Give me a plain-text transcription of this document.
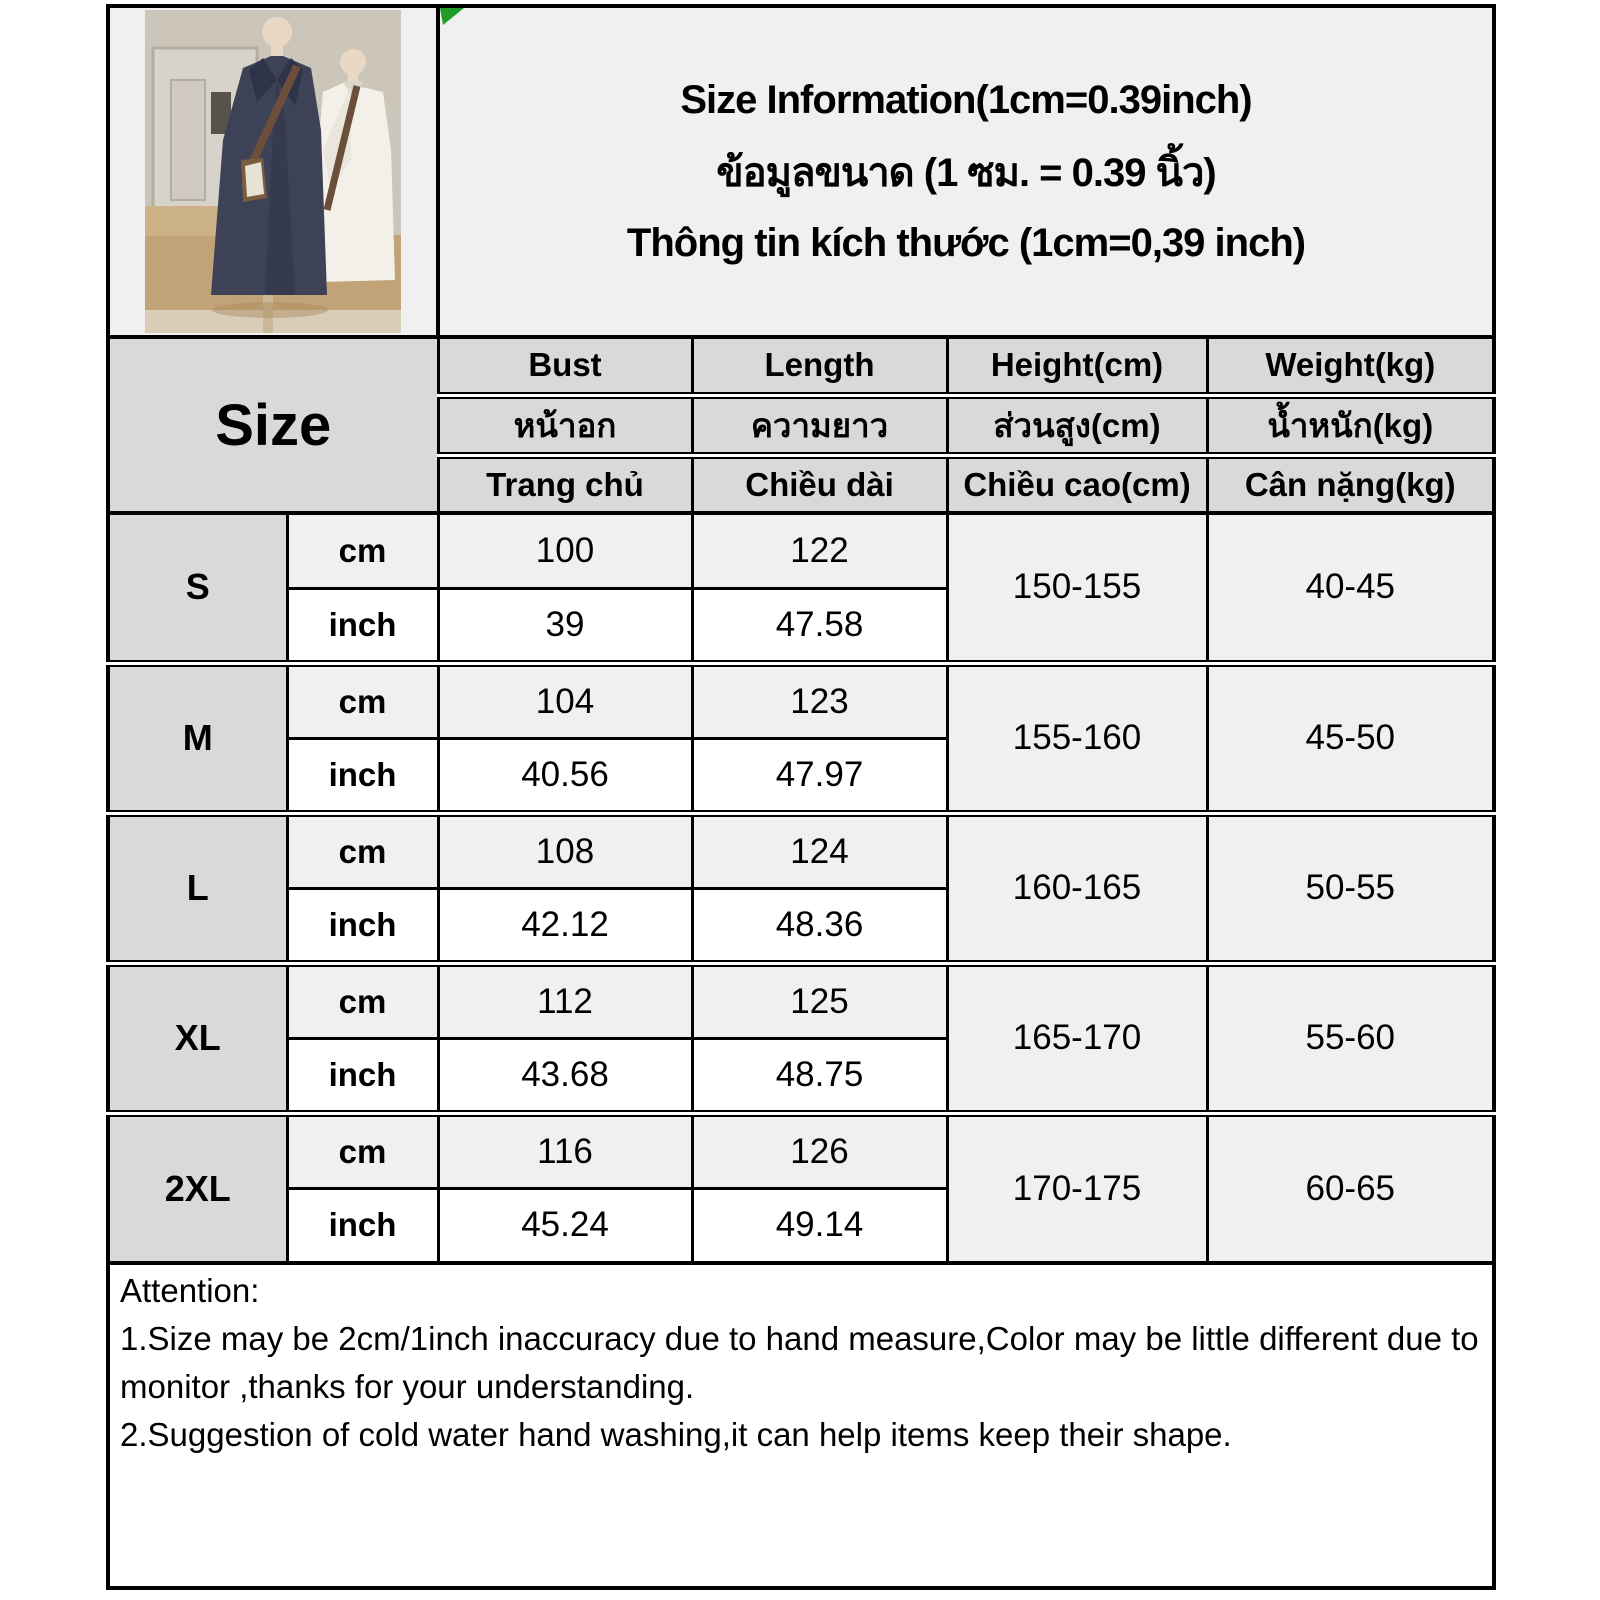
Size Information(1cm=0.39inch)
ข้อมูลขนาด (1 ซม. = 0.39 นิ้ว)
Thông tin kích thước (1cm=0,39 inch)
Size		Bust	Length	Height(cm)	Weight(kg)
		หน้าอก	ความยาว	ส่วนสูง(cm)	น้ำหนัก(kg)
		Trang chủ	Chiều dài	Chiều cao(cm)	Cân nặng(kg)
S	cm	100	122	150-155	40-45
	inch	39	47.58		
M	cm	104	123	155-160	45-50
	inch	40.56	47.97		
L	cm	108	124	160-165	50-55
	inch	42.12	48.36		
XL	cm	112	125	165-170	55-60
	inch	43.68	48.75		
2XL	cm	116	126	170-175	60-65
	inch	45.24	49.14		
Attention:
1.Size may be 2cm/1inch inaccuracy due to hand measure,Color may be little different due to monitor ,thanks for your understanding.
2.Suggestion of cold water hand washing,it can help items keep their shape.
